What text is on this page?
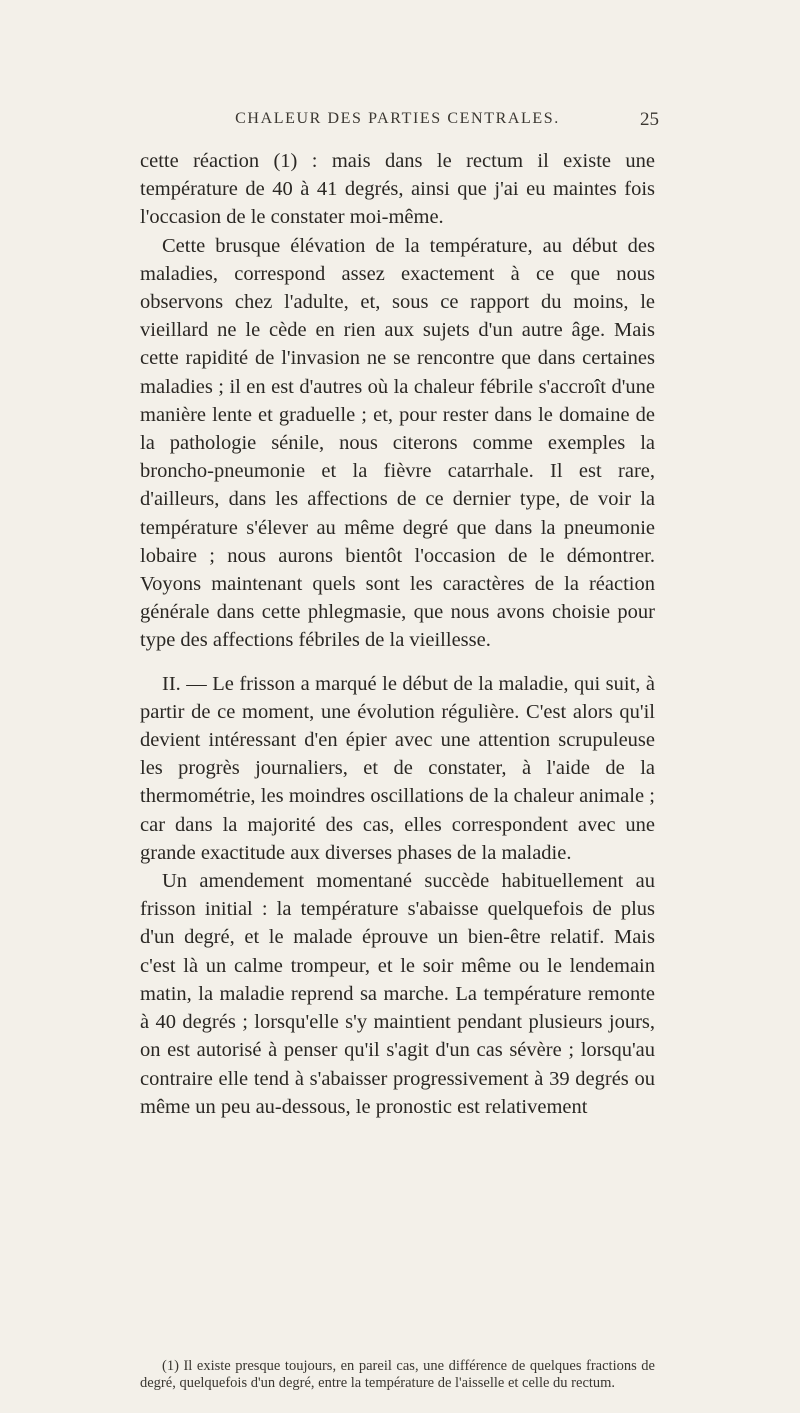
CHALEUR DES PARTIES CENTRALES.	25

cette réaction (1) : mais dans le rectum il existe une température de 40 à 41 degrés, ainsi que j'ai eu maintes fois l'occasion de le constater moi-même.

Cette brusque élévation de la température, au début des maladies, correspond assez exactement à ce que nous observons chez l'adulte, et, sous ce rapport du moins, le vieillard ne le cède en rien aux sujets d'un autre âge. Mais cette rapidité de l'invasion ne se rencontre que dans certaines maladies ; il en est d'autres où la chaleur fébrile s'accroît d'une manière lente et graduelle ; et, pour rester dans le domaine de la pathologie sénile, nous citerons comme exemples la broncho-pneumonie et la fièvre catarrhale. Il est rare, d'ailleurs, dans les affections de ce dernier type, de voir la température s'élever au même degré que dans la pneumonie lobaire ; nous aurons bientôt l'occasion de le démontrer. Voyons maintenant quels sont les caractères de la réaction générale dans cette phlegmasie, que nous avons choisie pour type des affections fébriles de la vieillesse.

II. — Le frisson a marqué le début de la maladie, qui suit, à partir de ce moment, une évolution régulière. C'est alors qu'il devient intéressant d'en épier avec une attention scrupuleuse les progrès journaliers, et de constater, à l'aide de la thermométrie, les moindres oscillations de la chaleur animale ; car dans la majorité des cas, elles correspondent avec une grande exactitude aux diverses phases de la maladie.

Un amendement momentané succède habituellement au frisson initial : la température s'abaisse quelquefois de plus d'un degré, et le malade éprouve un bien-être relatif. Mais c'est là un calme trompeur, et le soir même ou le lendemain matin, la maladie reprend sa marche. La température remonte à 40 degrés ; lorsqu'elle s'y maintient pendant plusieurs jours, on est autorisé à penser qu'il s'agit d'un cas sévère ; lorsqu'au contraire elle tend à s'abaisser progressivement à 39 degrés ou même un peu au-dessous, le pronostic est relativement

(1) Il existe presque toujours, en pareil cas, une différence de quelques fractions de degré, quelquefois d'un degré, entre la température de l'aisselle et celle du rectum.
